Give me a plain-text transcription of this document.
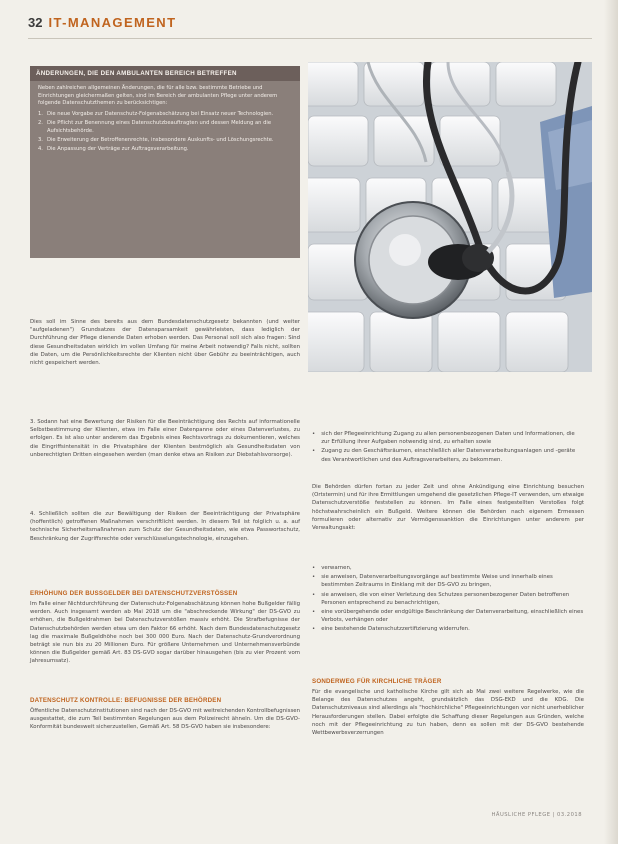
32 IT-MANAGEMENT
ÄNDERUNGEN, DIE DEN AMBULANTEN BEREICH BETREFFEN
Neben zahlreichen allgemeinen Änderungen, die für alle bzw. bestimmte Betriebe und Einrichtungen gleichermaßen gelten, sind im Bereich der ambulanten Pflege unter anderem folgende Datenschutzthemen zu berücksichtigen:
1. Die neue Vorgabe zur Datenschutz-Folgenabschätzung bei Einsatz neuer Technologien.
2. Die Pflicht zur Benennung eines Datenschutzbeauftragten und dessen Meldung an die Aufsichtsbehörde.
3. Die Erweiterung der Betroffenenrechte, insbesondere Auskunfts- und Löschungsrechte.
4. Die Anpassung der Verträge zur Auftragsverarbeitung.
Dies soll im Sinne des bereits aus dem Bundesdatenschutzgesetz bekannten (und weiter "aufgeladenen") Grundsatzes der Datensparsamkeit gewährleisten, dass lediglich der Durchführung der Pflege dienende Daten erhoben werden. Das Personal soll sich also fragen: Sind diese Gesundheitsdaten wirklich im vollen Umfang für meine Arbeit notwendig? Falls nicht, sollten die Daten, um die Persönlichkeitsrechte der Klienten nicht über Gebühr zu beeinträchtigen, auch nicht gespeichert werden.
3. Sodann hat eine Bewertung der Risiken für die Beeinträchtigung des Rechts auf informationelle Selbstbestimmung der Klienten, etwa im Falle einer Datenpanne oder eines Datenverlustes, zu erfolgen. Es ist also unter anderem das Ergebnis eines Rechtsvortrags zu dokumentieren, welches die Eingriffsintensität in die Privatsphäre der Klienten bestmöglich als Gesundheitsdaten von unberechtigten Dritten eingesehen werden (man denke etwa an Risiken zur Diebstahlsvorsorge).
4. Schließlich sollten die zur Bewältigung der Risiken der Beeinträchtigung der Privatsphäre (hoffentlich) getroffenen Maßnahmen verschriftlicht werden. In diesem Teil ist folglich u. a. auf technische Sicherheitsmaßnahmen zum Schutz der Gesundheitsdaten, wie etwa Passwortschutz, Beschränkung der Zugriffsrechte oder verschlüsselungstechnologie, einzugehen.
ERHÖHUNG DER BUSSGELDER BEI DATENSCHUTZVERSTÖSSEN
Im Falle einer Nichtdurchführung der Datenschutz-Folgenabschätzung können hohe Bußgelder fällig werden. Auch insgesamt werden ab Mai 2018 um die "abschreckende Wirkung" der DS-GVO zu erhöhen, die Bußgeldrahmen bei Datenschutzverstößen massiv erhöht. Die Strafbefugnisse der Datenschutzbehörden werden etwa um den Faktor 66 erhöht. Nach dem Bundesdatenschutzgesetz lag die maximale Bußgeldhöhe noch bei 300 000 Euro. Nach der Datenschutz-Grundverordnung beträgt sie nun bis zu 20 Millionen Euro. Für größere Unternehmen und Unternehmensverbünde können die Bußgelder gemäß Art. 83 DS-GVO sogar darüber hinausgehen (bis zu vier Prozent vom Jahresumsatz).
DATENSCHUTZ KONTROLLE: BEFUGNISSE DER BEHÖRDEN
Öffentliche Datenschutzinstitutionen sind nach der DS-GVO mit weitreichenden Kontrollbefugnissen ausgestattet, die zum Teil bestimmten Regelungen aus dem Polizeirecht ähneln. Um die DS-GVO-Konformität bundesweit sicherzustellen, Gemäß Art. 58 DS-GVO haben sie insbesondere:
• sich der Pflegeeinrichtung Zugang zu allen personenbezogenen Daten und Informationen, die zur Erfüllung ihrer Aufgaben notwendig sind, zu erhalten sowie
• Zugang zu den Geschäftsräumen, einschließlich aller Datenverarbeitungsanlagen und -geräte des Verantwortlichen und des Auftragsverarbeiters, zu bekommen.
Die Behörden dürfen fortan zu jeder Zeit und ohne Ankündigung eine Einrichtung besuchen (Ortstermin) und für ihre Ermittlungen umgehend die gesetzlichen Pflege-IT verwenden, um etwaige Datenschutzverstöße feststellen zu können. Im Falle eines festgestellten Verstoßes folgt höchstwahrscheinlich ein Bußgeld. Weitere können die Behörden nach eigenem Ermessen formulieren oder alternativ zur Vermögenssanktion die Einrichtungen unter anderem per Verwaltungsakt:
• verwarnen,
• sie anweisen, Datenverarbeitungsvorgänge auf bestimmte Weise und innerhalb eines bestimmten Zeitraums in Einklang mit der DS-GVO zu bringen,
• sie anweisen, die von einer Verletzung des Schutzes personenbezogener Daten betroffenen Personen entsprechend zu benachrichtigen,
• eine vorübergehende oder endgültige Beschränkung der Datenverarbeitung, einschließlich eines Verbots, verhängen oder
• eine bestehende Datenschutzzertifizierung widerrufen.
SONDERWEG FÜR KIRCHLICHE TRÄGER
Für die evangelische und katholische Kirche gilt sich ab Mai zwei weitere Regelwerke, wie die Belange des Datenschutzes angeht, grundsätzlich das DSG-EKD und die KDG. Die Datenschutzniveaus sind allerdings als "hochkirchliche" Pflegeeinrichtungen vor nicht unerheblicher Herausforderungen stellen. Dabei erfolgte die Schaffung dieser Regelungen aus Gründen, welche noch mit der Pflegeeinrichtung zu tun haben, denn es sollen mit der DS-GVO bestehende Wettbewerbsverzerrungen
HÄUSLICHE PFLEGE | 03.2018
